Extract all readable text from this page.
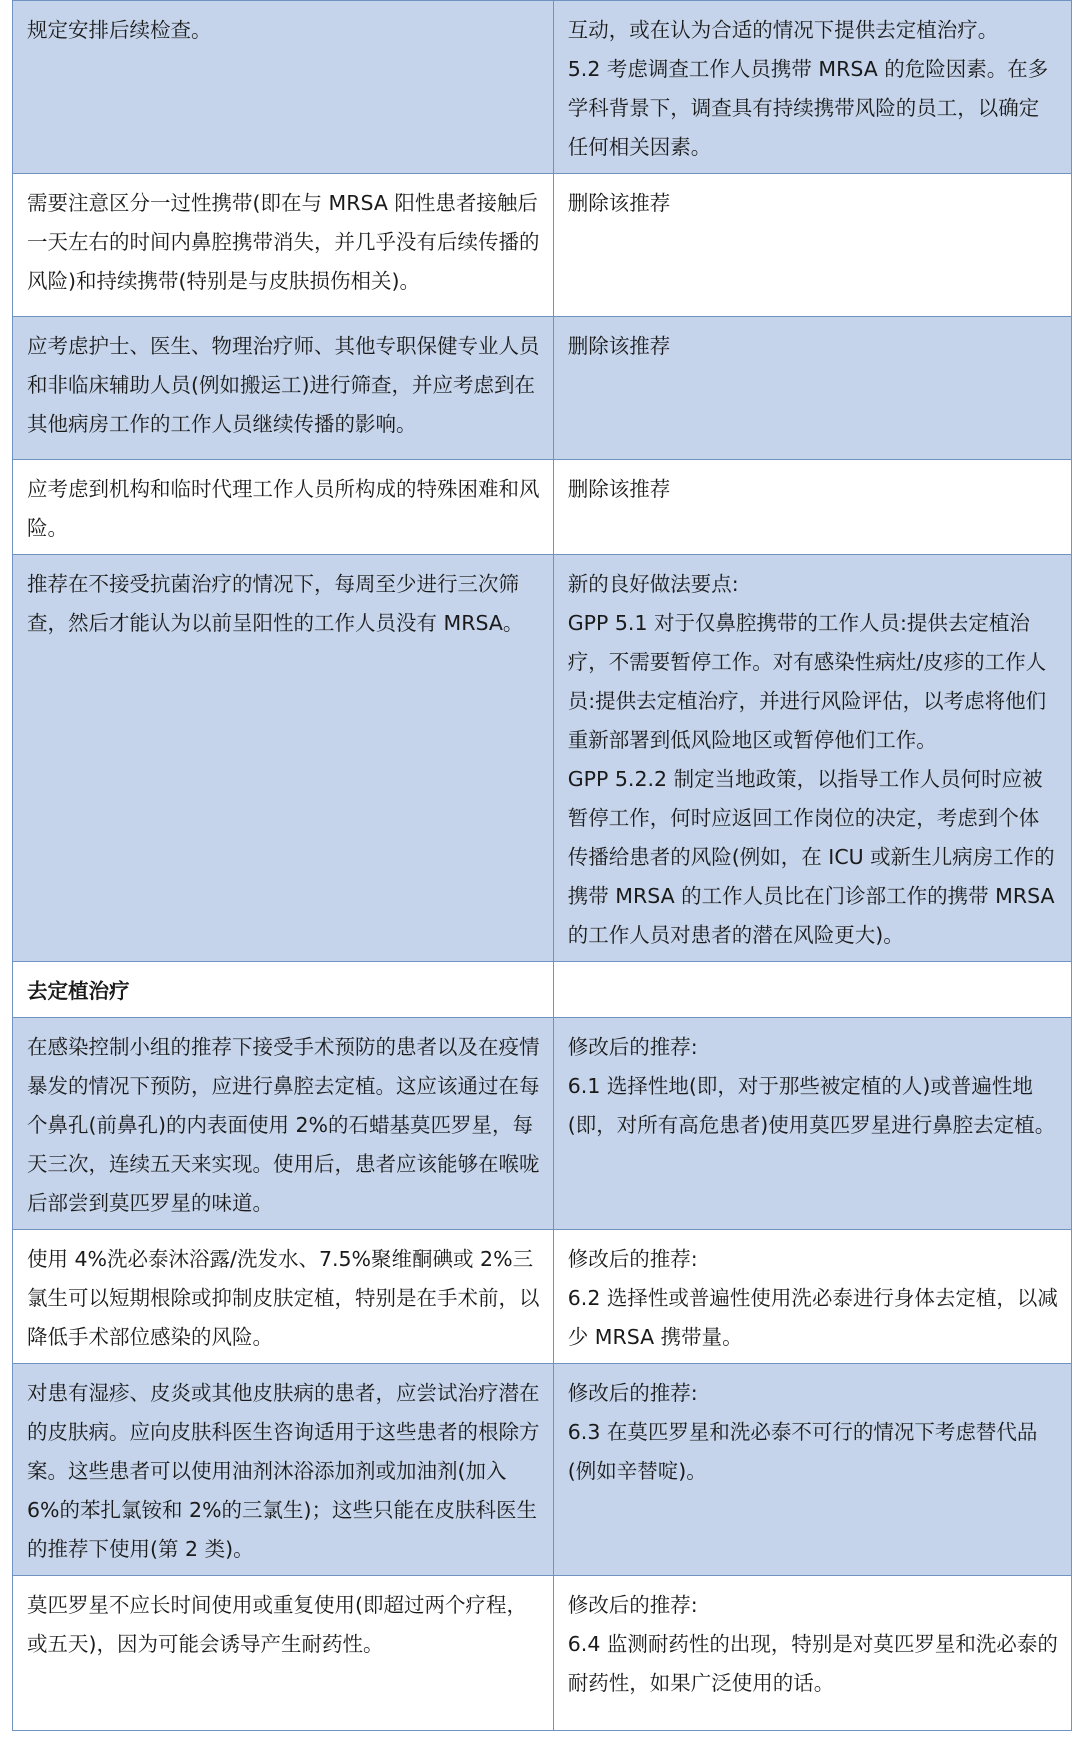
规定安排后续检查。	互动，或在认为合适的情况下提供去定植治疗。
5.2 考虑调查工作人员携带 MRSA 的危险因素。在多学科背景下，调查具有持续携带风险的员工，以确定任何相关因素。

需要注意区分一过性携带(即在与 MRSA 阳性患者接触后一天左右的时间内鼻腔携带消失，并几乎没有后续传播的风险)和持续携带(特别是与皮肤损伤相关)。	删除该推荐

应考虑护士、医生、物理治疗师、其他专职保健专业人员和非临床辅助人员(例如搬运工)进行筛查，并应考虑到在其他病房工作的工作人员继续传播的影响。	删除该推荐

应考虑到机构和临时代理工作人员所构成的特殊困难和风险。	删除该推荐

推荐在不接受抗菌治疗的情况下，每周至少进行三次筛查，然后才能认为以前呈阳性的工作人员没有 MRSA。	新的良好做法要点:
GPP 5.1 对于仅鼻腔携带的工作人员:提供去定植治疗，不需要暂停工作。对有感染性病灶/皮疹的工作人员:提供去定植治疗，并进行风险评估，以考虑将他们重新部署到低风险地区或暂停他们工作。
GPP 5.2.2 制定当地政策，以指导工作人员何时应被暂停工作，何时应返回工作岗位的决定，考虑到个体传播给患者的风险(例如，在 ICU 或新生儿病房工作的携带 MRSA 的工作人员比在门诊部工作的携带 MRSA 的工作人员对患者的潜在风险更大)。

去定植治疗	

在感染控制小组的推荐下接受手术预防的患者以及在疫情暴发的情况下预防，应进行鼻腔去定植。这应该通过在每个鼻孔(前鼻孔)的内表面使用 2%的石蜡基莫匹罗星，每天三次，连续五天来实现。使用后，患者应该能够在喉咙后部尝到莫匹罗星的味道。	修改后的推荐:
6.1 选择性地(即，对于那些被定植的人)或普遍性地(即，对所有高危患者)使用莫匹罗星进行鼻腔去定植。

使用 4%洗必泰沐浴露/洗发水、7.5%聚维酮碘或 2%三氯生可以短期根除或抑制皮肤定植，特别是在手术前，以降低手术部位感染的风险。	修改后的推荐:
6.2 选择性或普遍性使用洗必泰进行身体去定植，以减少 MRSA 携带量。

对患有湿疹、皮炎或其他皮肤病的患者，应尝试治疗潜在的皮肤病。应向皮肤科医生咨询适用于这些患者的根除方案。这些患者可以使用油剂沐浴添加剂或加油剂(加入 6%的苯扎氯铵和 2%的三氯生)；这些只能在皮肤科医生的推荐下使用(第 2 类)。	修改后的推荐:
6.3 在莫匹罗星和洗必泰不可行的情况下考虑替代品(例如辛替啶)。

莫匹罗星不应长时间使用或重复使用(即超过两个疗程，或五天)，因为可能会诱导产生耐药性。	修改后的推荐:
6.4 监测耐药性的出现，特别是对莫匹罗星和洗必泰的耐药性，如果广泛使用的话。
